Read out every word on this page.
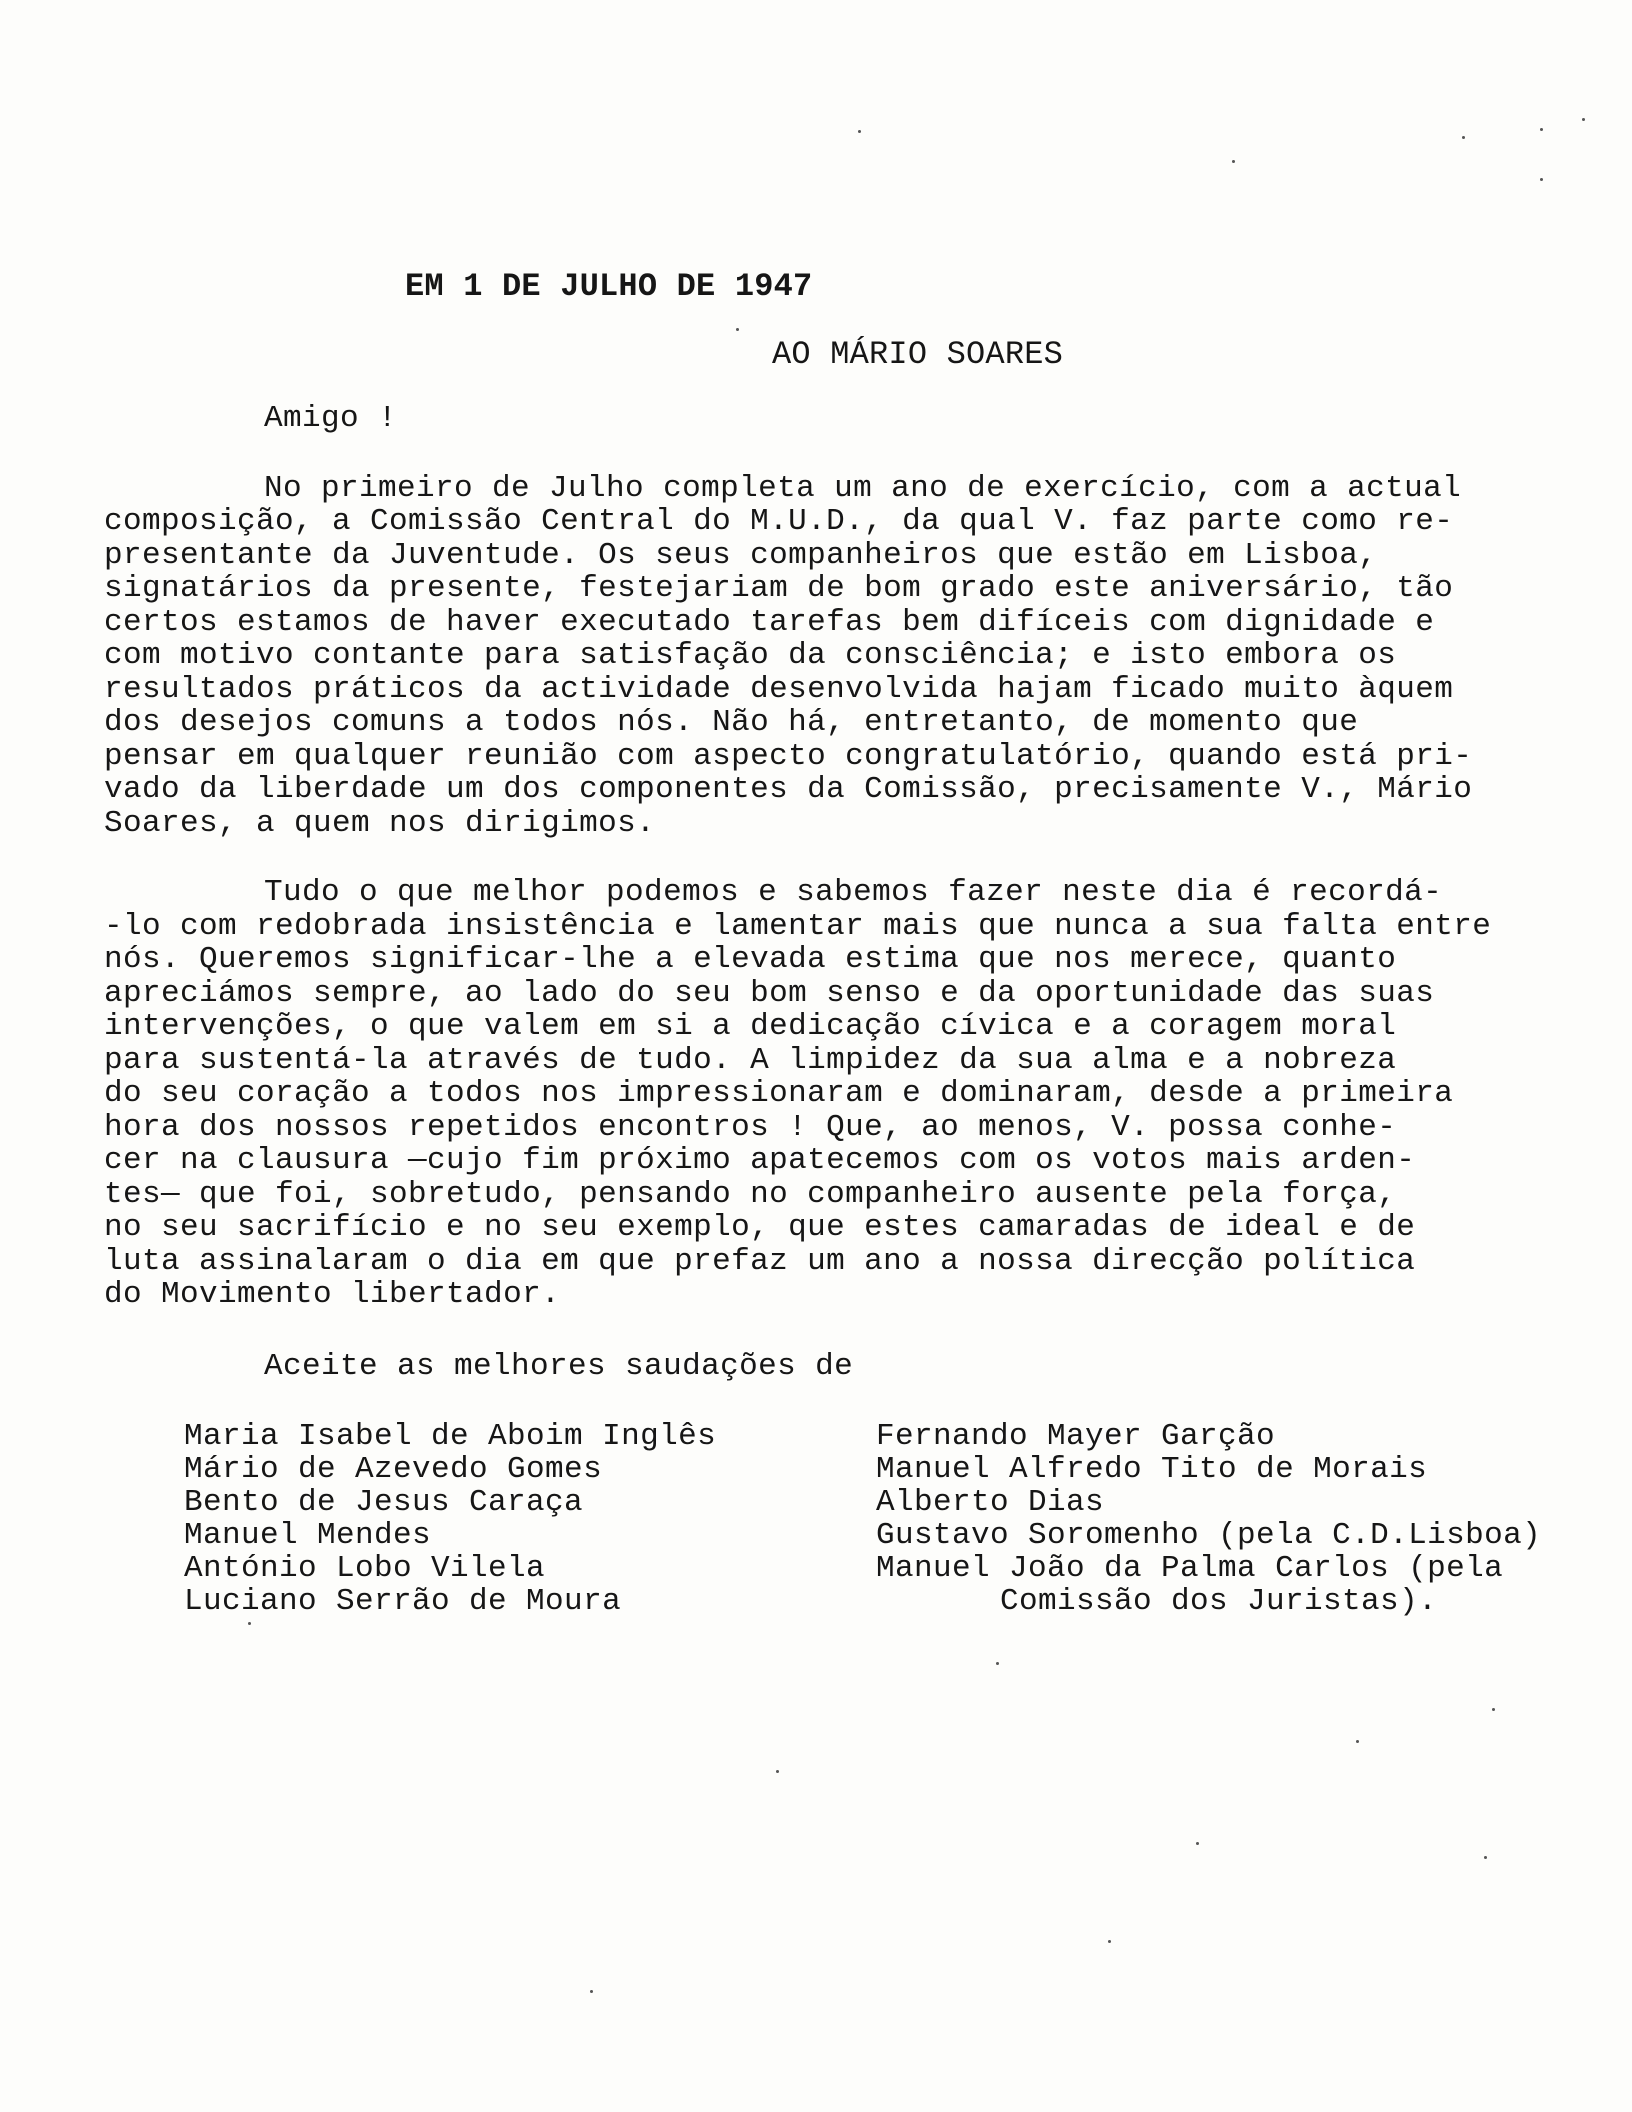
EM 1 DE JULHO DE 1947
AO MÁRIO SOARES
Amigo !
No primeiro de Julho completa um ano de exercício, com a actual
composição, a Comissão Central do M.U.D., da qual V. faz parte como re-
presentante da Juventude. Os seus companheiros que estão em Lisboa,
signatários da presente, festejariam de bom grado este aniversário, tão
certos estamos de haver executado tarefas bem difíceis com dignidade e
com motivo contante para satisfação da consciência; e isto embora os
resultados práticos da actividade desenvolvida hajam ficado muito àquem
dos desejos comuns a todos nós. Não há, entretanto, de momento que
pensar em qualquer reunião com aspecto congratulatório, quando está pri-
vado da liberdade um dos componentes da Comissão, precisamente V., Mário
Soares, a quem nos dirigimos.
Tudo o que melhor podemos e sabemos fazer neste dia é recordá-
-lo com redobrada insistência e lamentar mais que nunca a sua falta entre
nós. Queremos significar-lhe a elevada estima que nos merece, quanto
apreciámos sempre, ao lado do seu bom senso e da oportunidade das suas
intervenções, o que valem em si a dedicação cívica e a coragem moral
para sustentá-la através de tudo. A limpidez da sua alma e a nobreza
do seu coração a todos nos impressionaram e dominaram, desde a primeira
hora dos nossos repetidos encontros ! Que, ao menos, V. possa conhe-
cer na clausura —cujo fim próximo apatecemos com os votos mais arden-
tes— que foi, sobretudo, pensando no companheiro ausente pela força,
no seu sacrifício e no seu exemplo, que estes camaradas de ideal e de
luta assinalaram o dia em que prefaz um ano a nossa direcção política
do Movimento libertador.
Aceite as melhores saudações de
Maria Isabel de Aboim Inglês
Mário de Azevedo Gomes
Bento de Jesus Caraça
Manuel Mendes
António Lobo Vilela
Luciano Serrão de Moura
Fernando Mayer Garção
Manuel Alfredo Tito de Morais
Alberto Dias
Gustavo Soromenho (pela C.D.Lisboa)
Manuel João da Palma Carlos (pela
Comissão dos Juristas).
